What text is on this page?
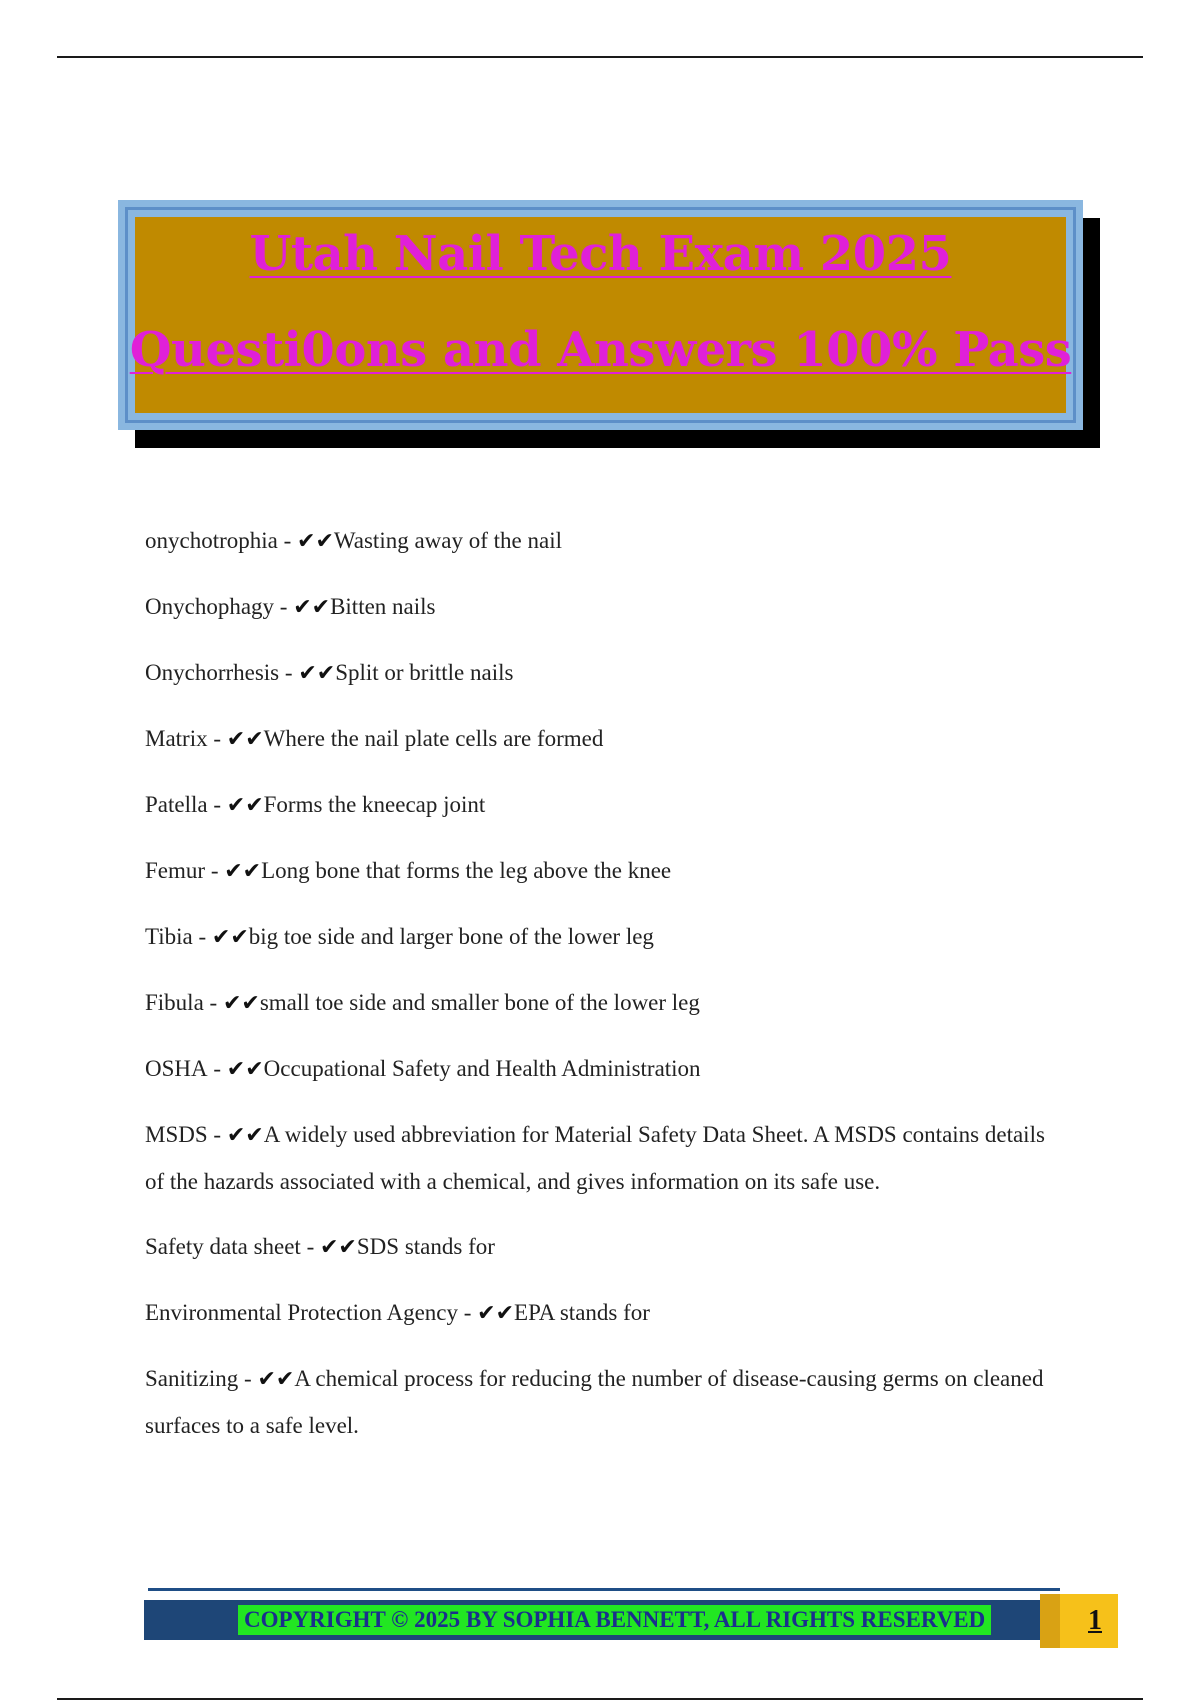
Utah Nail Tech Exam 2025
Questi0ons and Answers 100% Pass
onychotrophia - ✔✔Wasting away of the nail
Onychophagy - ✔✔Bitten nails
Onychorrhesis - ✔✔Split or brittle nails
Matrix - ✔✔Where the nail plate cells are formed
Patella - ✔✔Forms the kneecap joint
Femur - ✔✔Long bone that forms the leg above the knee
Tibia - ✔✔big toe side and larger bone of the lower leg
Fibula - ✔✔small toe side and smaller bone of the lower leg
OSHA - ✔✔Occupational Safety and Health Administration
MSDS - ✔✔A widely used abbreviation for Material Safety Data Sheet. A MSDS contains details of the hazards associated with a chemical, and gives information on its safe use.
Safety data sheet - ✔✔SDS stands for
Environmental Protection Agency - ✔✔EPA stands for
Sanitizing - ✔✔A chemical process for reducing the number of disease-causing germs on cleaned surfaces to a safe level.
COPYRIGHT © 2025 BY SOPHIA BENNETT, ALL RIGHTS RESERVED	1
